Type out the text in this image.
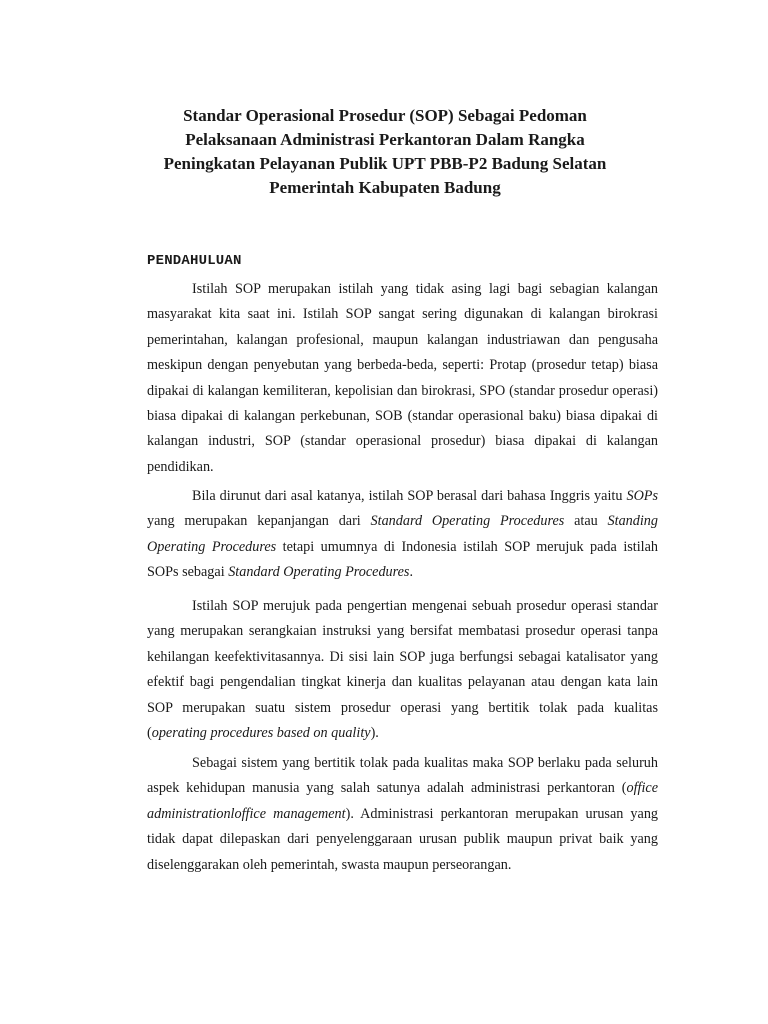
Standar Operasional Prosedur (SOP) Sebagai Pedoman
Pelaksanaan Administrasi Perkantoran Dalam Rangka
Peningkatan Pelayanan Publik UPT PBB-P2 Badung Selatan
Pemerintah Kabupaten Badung
PENDAHULUAN

Istilah SOP merupakan istilah yang tidak asing lagi bagi sebagian kalangan masyarakat kita saat ini. Istilah SOP sangat sering digunakan di kalangan birokrasi pemerintahan, kalangan profesional, maupun kalangan industriawan dan pengusaha meskipun dengan penyebutan yang berbeda-beda, seperti: Protap (prosedur tetap) biasa dipakai di kalangan kemiliteran, kepolisian dan birokrasi, SPO (standar prosedur operasi) biasa dipakai di kalangan perkebunan, SOB (standar operasional baku) biasa dipakai di kalangan industri, SOP (standar operasional prosedur) biasa dipakai di kalangan pendidikan.

Bila dirunut dari asal katanya, istilah SOP berasal dari bahasa Inggris yaitu SOPs yang merupakan kepanjangan dari Standard Operating Procedures atau Standing Operating Procedures tetapi umumnya di Indonesia istilah SOP merujuk pada istilah SOPs sebagai Standard Operating Procedures.

Istilah SOP merujuk pada pengertian mengenai sebuah prosedur operasi standar yang merupakan serangkaian instruksi yang bersifat membatasi prosedur operasi tanpa kehilangan keefektivitasannya. Di sisi lain SOP juga berfungsi sebagai katalisator yang efektif bagi pengendalian tingkat kinerja dan kualitas pelayanan atau dengan kata lain SOP merupakan suatu sistem prosedur operasi yang bertitik tolak pada kualitas (operating procedures based on quality).

Sebagai sistem yang bertitik tolak pada kualitas maka SOP berlaku pada seluruh aspek kehidupan manusia yang salah satunya adalah administrasi perkantoran (office administrationloffice management). Administrasi perkantoran merupakan urusan yang tidak dapat dilepaskan dari penyelenggaraan urusan publik maupun privat baik yang diselenggarakan oleh pemerintah, swasta maupun perseorangan.
